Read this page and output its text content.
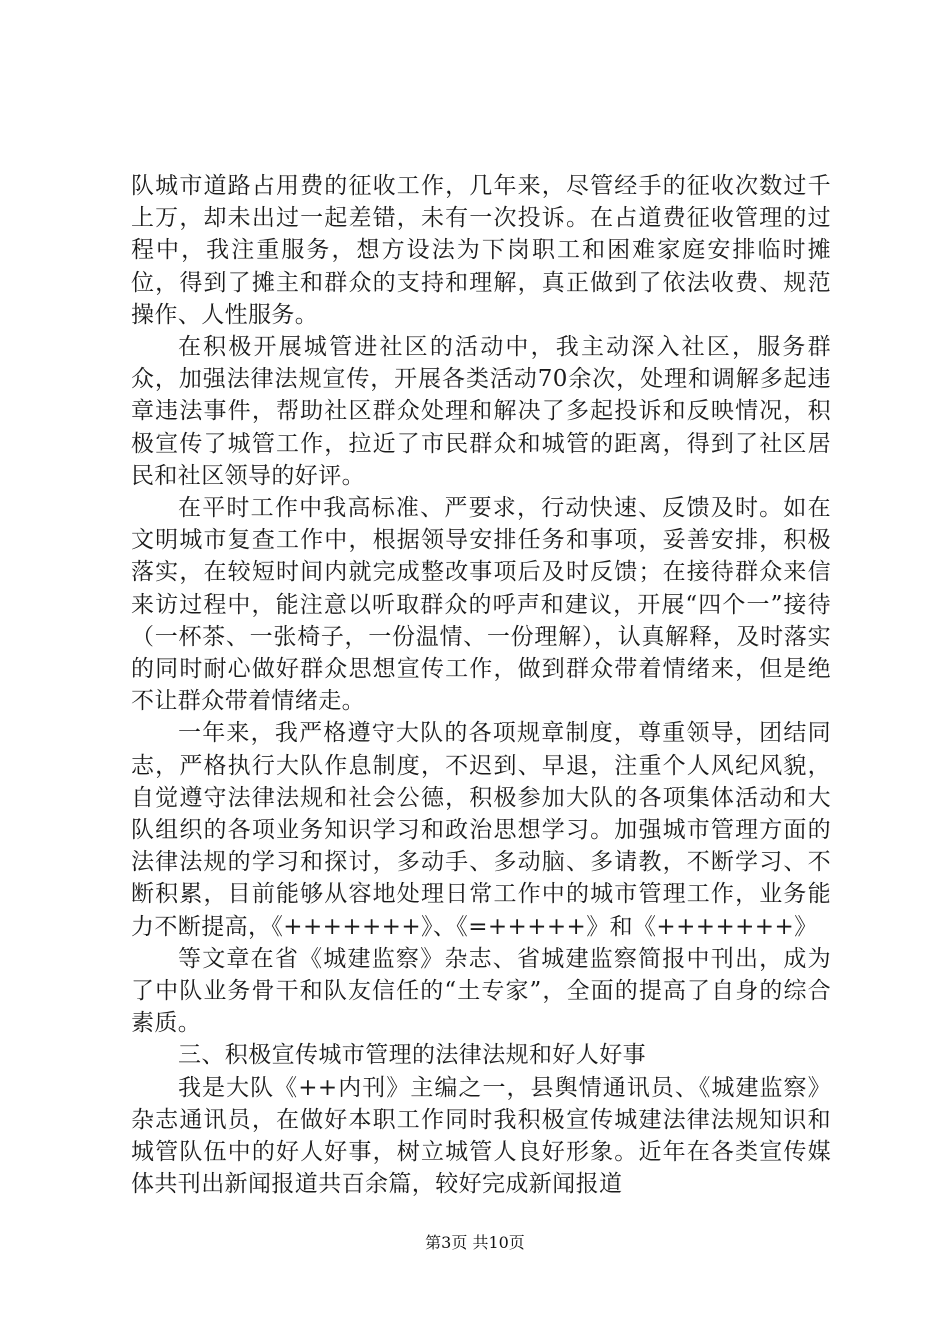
队城市道路占用费的征收工作，几年来，尽管经手的征收次数过千上万，却未出过一起差错，未有一次投诉。在占道费征收管理的过程中，我注重服务，想方设法为下岗职工和困难家庭安排临时摊位，得到了摊主和群众的支持和理解，真正做到了依法收费、规范操作、人性服务。

在积极开展城管进社区的活动中，我主动深入社区，服务群众，加强法律法规宣传，开展各类活动70余次，处理和调解多起违章违法事件，帮助社区群众处理和解决了多起投诉和反映情况，积极宣传了城管工作，拉近了市民群众和城管的距离，得到了社区居民和社区领导的好评。

在平时工作中我高标准、严要求，行动快速、反馈及时。如在文明城市复查工作中，根据领导安排任务和事项，妥善安排，积极落实，在较短时间内就完成整改事项后及时反馈；在接待群众来信来访过程中，能注意以听取群众的呼声和建议，开展“四个一”接待（一杯茶、一张椅子，一份温情、一份理解），认真解释，及时落实的同时耐心做好群众思想宣传工作，做到群众带着情绪来，但是绝不让群众带着情绪走。

一年来，我严格遵守大队的各项规章制度，尊重领导，团结同志，严格执行大队作息制度，不迟到、早退，注重个人风纪风貌，自觉遵守法律法规和社会公德，积极参加大队的各项集体活动和大队组织的各项业务知识学习和政治思想学习。加强城市管理方面的法律法规的学习和探讨，多动手、多动脑、多请教，不断学习、不断积累，目前能够从容地处理日常工作中的城市管理工作，业务能力不断提高，《+++++++》、《=+++++》和《+++++++》

等文章在省《城建监察》杂志、省城建监察简报中刊出，成为了中队业务骨干和队友信任的“土专家”，全面的提高了自身的综合素质。

三、积极宣传城市管理的法律法规和好人好事

我是大队《++内刊》主编之一，县舆情通讯员、《城建监察》杂志通讯员，在做好本职工作同时我积极宣传城建法律法规知识和城管队伍中的好人好事，树立城管人良好形象。近年在各类宣传媒体共刊出新闻报道共百余篇，较好完成新闻报道

第3页 共10页
